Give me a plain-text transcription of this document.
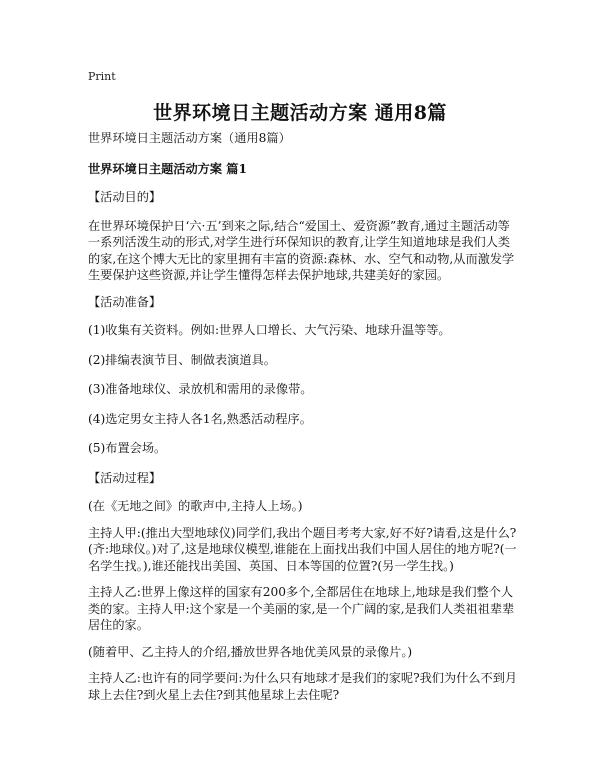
Print
世界环境日主题活动方案 通用8篇

世界环境日主题活动方案（通用8篇）

世界环境日主题活动方案 篇1

【活动目的】

在世界环境保护日‘六·五’到来之际,结合“爱国土、爱资源”教育,通过主题活动等一系列活泼生动的形式,对学生进行环保知识的教育,让学生知道地球是我们人类的家,在这个博大无比的家里拥有丰富的资源:森林、水、空气和动物,从而激发学生要保护这些资源,并让学生懂得怎样去保护地球,共建美好的家园。

【活动准备】

(1)收集有关资料。例如:世界人口增长、大气污染、地球升温等等。

(2)排编表演节目、制做表演道具。

(3)准备地球仪、录放机和需用的录像带。

(4)选定男女主持人各1名,熟悉活动程序。

(5)布置会场。

【活动过程】

(在《无地之间》的歌声中,主持人上场。)

主持人甲:(推出大型地球仪)同学们,我出个题目考考大家,好不好?请看,这是什么?(齐:地球仪。)对了,这是地球仪模型,谁能在上面找出我们中国人居住的地方呢?(一名学生找。),谁还能找出美国、英国、日本等国的位置?(另一学生找。)

主持人乙:世界上像这样的国家有200多个,全都居住在地球上,地球是我们整个人类的家。主持人甲:这个家是一个美丽的家,是一个广阔的家,是我们人类祖祖辈辈居住的家。

(随着甲、乙主持人的介绍,播放世界各地优美风景的录像片。)

主持人乙:也许有的同学要问:为什么只有地球才是我们的家呢?我们为什么不到月球上去住?到火星上去住?到其他星球上去住呢?
